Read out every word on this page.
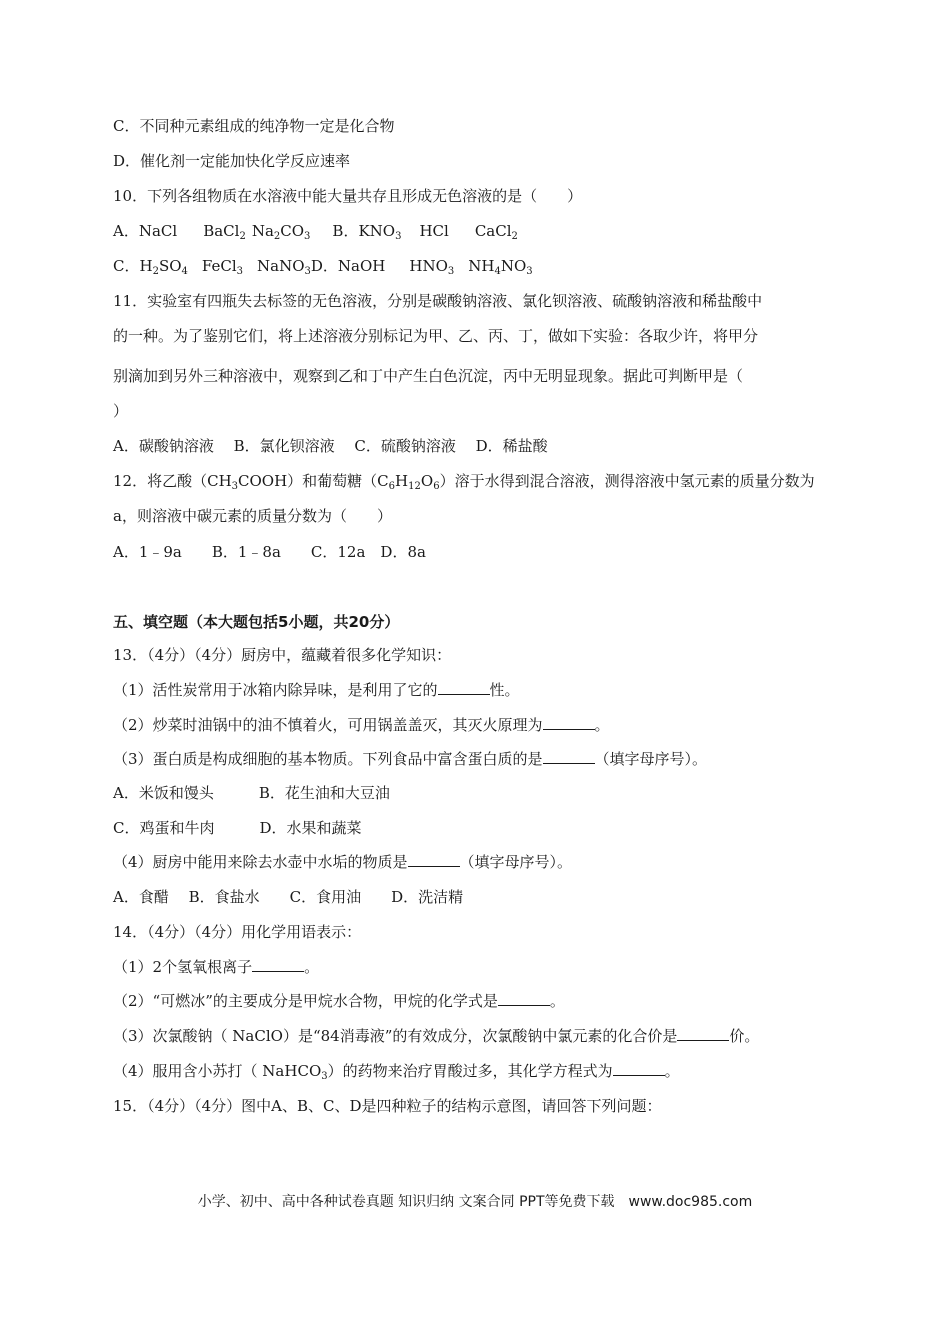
C．不同种元素组成的纯净物一定是化合物
D．催化剂一定能加快化学反应速率
10．下列各组物质在水溶液中能大量共存且形成无色溶液的是（　　）
A．NaCl BaCl$_2$ $Na_2CO_3$ B．$KNO_3$ HCl CaCl$_2$
C．$H_2SO_4$ FeCl$_3$ NaNO$_3$D．NaOH $HNO_3$ $NH_4NO_3$
11．实验室有四瓶失去标签的无色溶液，分别是碳酸钠溶液、氯化钡溶液、硫酸钠溶液和稀盐酸中
的一种。为了鉴别它们，将上述溶液分别标记为甲、乙、丙、丁，做如下实验：各取少许，将甲分
别滴加到另外三种溶液中，观察到乙和丁中产生白色沉淀，丙中无明显现象。据此可判断甲是（
）
A．碳酸钠溶液　 B．氯化钡溶液　 C．硫酸钠溶液　 D．稀盐酸
12．将乙酸$(CH_3COOH)$和葡萄糖$(C_6H_{12}O_6)$溶于水得到混合溶液，测得溶液中氢元素的质量分数为
a，则溶液中碳元素的质量分数为（　　）
A．1﹣9a　　B．1﹣8a　　C．12a　D．8a
五、填空题（本大题包括5小题，共20分）
13．（4分）（4分）厨房中，蕴藏着很多化学知识：
（1）活性炭常用于冰箱内除异味，是利用了它的	性。
（2）炒菜时油锅中的油不慎着火，可用锅盖盖灭，其灭火原理为	。
（3）蛋白质是构成细胞的基本物质。下列食品中富含蛋白质的是	（填字母序号）。
A．米饭和馒头　　　B．花生油和大豆油
C．鸡蛋和牛肉　　　D．水果和蔬菜
（4）厨房中能用来除去水壶中水垢的物质是	（填字母序号）。
A．食醋　 B．食盐水　　C．食用油　　D．洗洁精
14．（4分）（4分）用化学用语表示：
（1）2个氢氧根离子	。
（2）“可燃冰”的主要成分是甲烷水合物，甲烷的化学式是	。
（3）次氯酸钠（ NaClO）是“84消毒液”的有效成分，次氯酸钠中氯元素的化合价是	价。
（4）服用含小苏打（ NaHCO$_3$）的药物来治疗胃酸过多，其化学方程式为	。
15．（4分）（4分）图中A、B、C、D是四种粒子的结构示意图，请回答下列问题：
小学、初中、高中各种试卷真题 知识归纳 文案合同 PPT等免费下载　www.doc985.com
